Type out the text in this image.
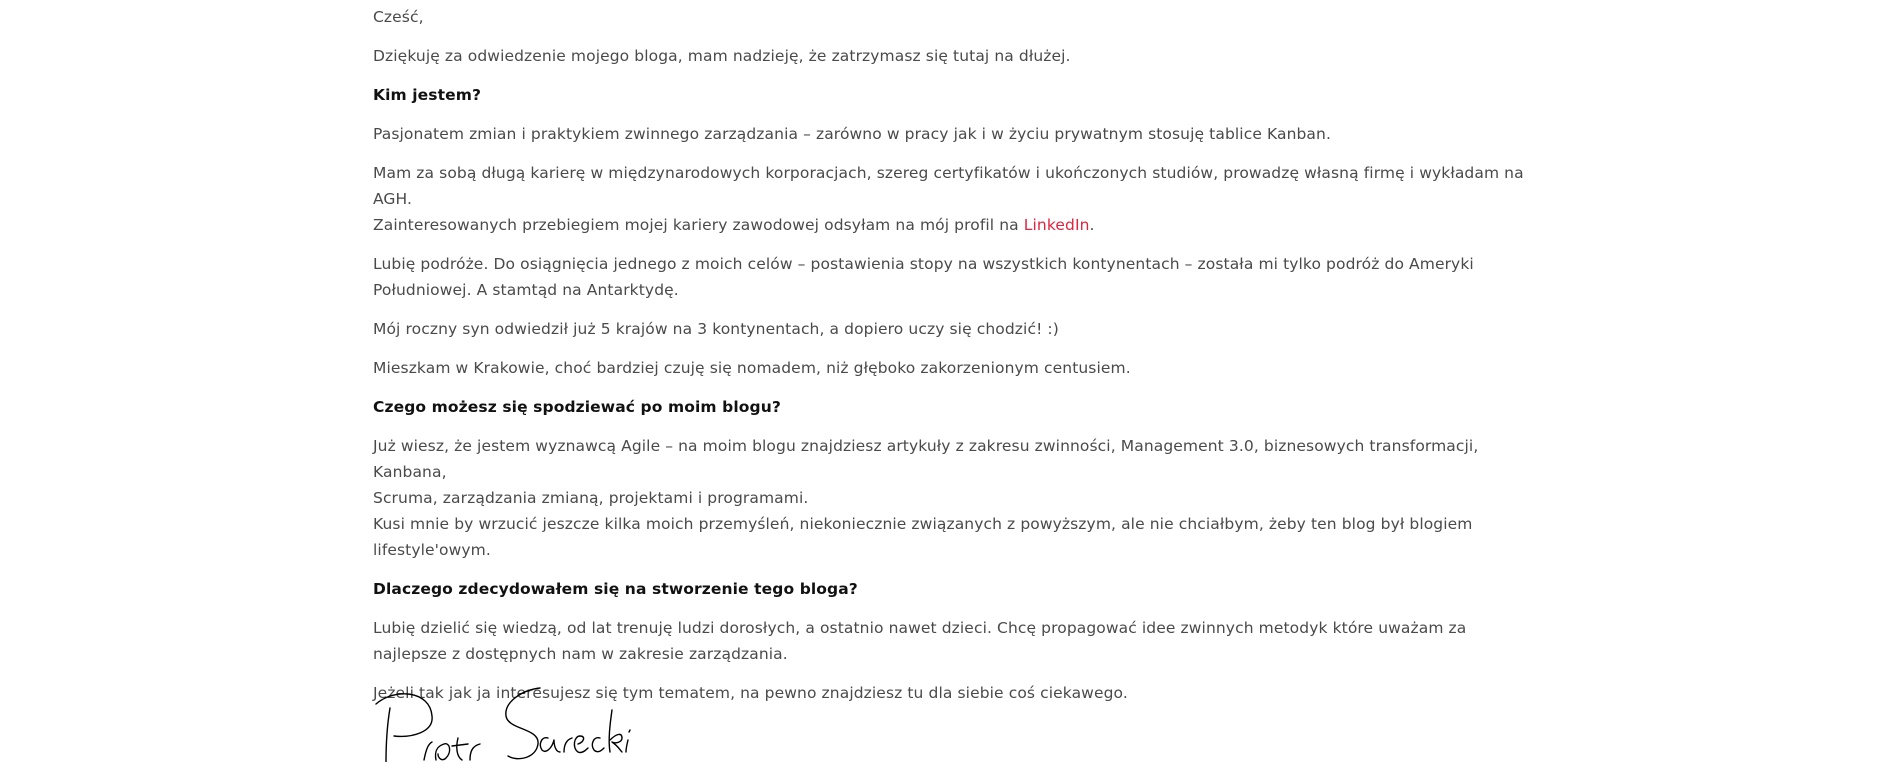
Cześć,

Dziękuję za odwiedzenie mojego bloga, mam nadzieję, że zatrzymasz się tutaj na dłużej.

Kim jestem?

Pasjonatem zmian i praktykiem zwinnego zarządzania – zarówno w pracy jak i w życiu prywatnym stosuję tablice Kanban.

Mam za sobą długą karierę w międzynarodowych korporacjach, szereg certyfikatów i ukończonych studiów, prowadzę własną firmę i wykładam na AGH.
Zainteresowanych przebiegiem mojej kariery zawodowej odsyłam na mój profil na LinkedIn.

Lubię podróże. Do osiągnięcia jednego z moich celów – postawienia stopy na wszystkich kontynentach – została mi tylko podróż do Ameryki Południowej. A stamtąd na Antarktydę.

Mój roczny syn odwiedził już 5 krajów na 3 kontynentach, a dopiero uczy się chodzić! :)

Mieszkam w Krakowie, choć bardziej czuję się nomadem, niż głęboko zakorzenionym centusiem.

Czego możesz się spodziewać po moim blogu?

Już wiesz, że jestem wyznawcą Agile – na moim blogu znajdziesz artykuły z zakresu zwinności, Management 3.0, biznesowych transformacji, Kanbana,
Scruma, zarządzania zmianą, projektami i programami.
Kusi mnie by wrzucić jeszcze kilka moich przemyśleń, niekoniecznie związanych z powyższym, ale nie chciałbym, żeby ten blog był blogiem lifestyle'owym.

Dlaczego zdecydowałem się na stworzenie tego bloga?

Lubię dzielić się wiedzą, od lat trenuję ludzi dorosłych, a ostatnio nawet dzieci. Chcę propagować idee zwinnych metodyk które uważam za najlepsze z dostępnych nam w zakresie zarządzania.

Jeżeli tak jak ja interesujesz się tym tematem, na pewno znajdziesz tu dla siebie coś ciekawego.
